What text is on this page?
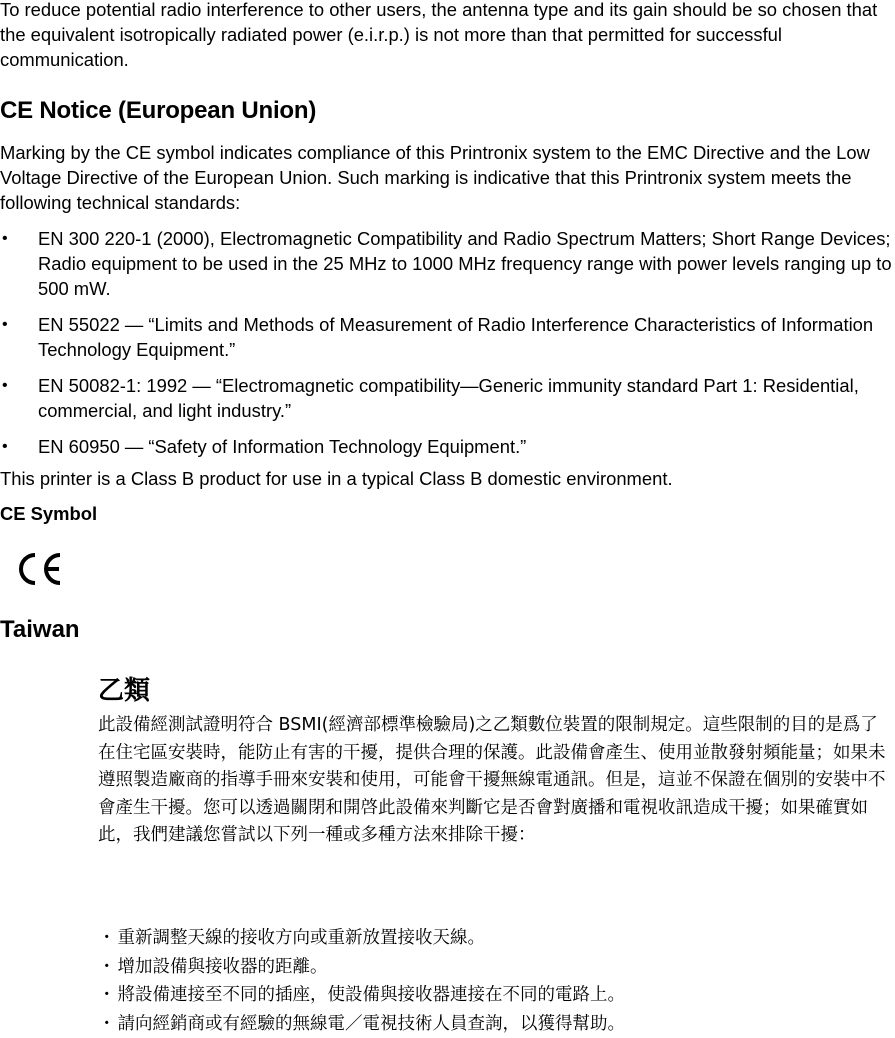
To reduce potential radio interference to other users, the antenna type and its gain should be so chosen that the equivalent isotropically radiated power (e.i.r.p.) is not more than that permitted for successful communication.

CE Notice (European Union)

Marking by the CE symbol indicates compliance of this Printronix system to the EMC Directive and the Low Voltage Directive of the European Union. Such marking is indicative that this Printronix system meets the following technical standards:

• EN 300 220-1 (2000), Electromagnetic Compatibility and Radio Spectrum Matters; Short Range Devices; Radio equipment to be used in the 25 MHz to 1000 MHz frequency range with power levels ranging up to 500 mW.
• EN 55022 — “Limits and Methods of Measurement of Radio Interference Characteristics of Information Technology Equipment.”
• EN 50082-1: 1992 — “Electromagnetic compatibility—Generic immunity standard Part 1: Residential, commercial, and light industry.”
• EN 60950 — “Safety of Information Technology Equipment.”

This printer is a Class B product for use in a typical Class B domestic environment.

CE Symbol

Taiwan

乙類

此設備經測試證明符合 BSMI(經濟部標準檢驗局)之乙類數位裝置的限制規定。這些限制的目的是爲了在住宅區安裝時，能防止有害的干擾，提供合理的保護。此設備會產生、使用並散發射頻能量；如果未遵照製造廠商的指導手冊來安裝和使用，可能會干擾無線電通訊。但是，這並不保證在個別的安裝中不會產生干擾。您可以透過關閉和開啓此設備來判斷它是否會對廣播和電視收訊造成干擾；如果確實如此，我們建議您嘗試以下列一種或多種方法來排除干擾：

・ 重新調整天線的接收方向或重新放置接收天線。
・ 增加設備與接收器的距離。
・ 將設備連接至不同的插座，使設備與接收器連接在不同的電路上。
・ 請向經銷商或有經驗的無線電／電視技術人員查詢，以獲得幫助。
